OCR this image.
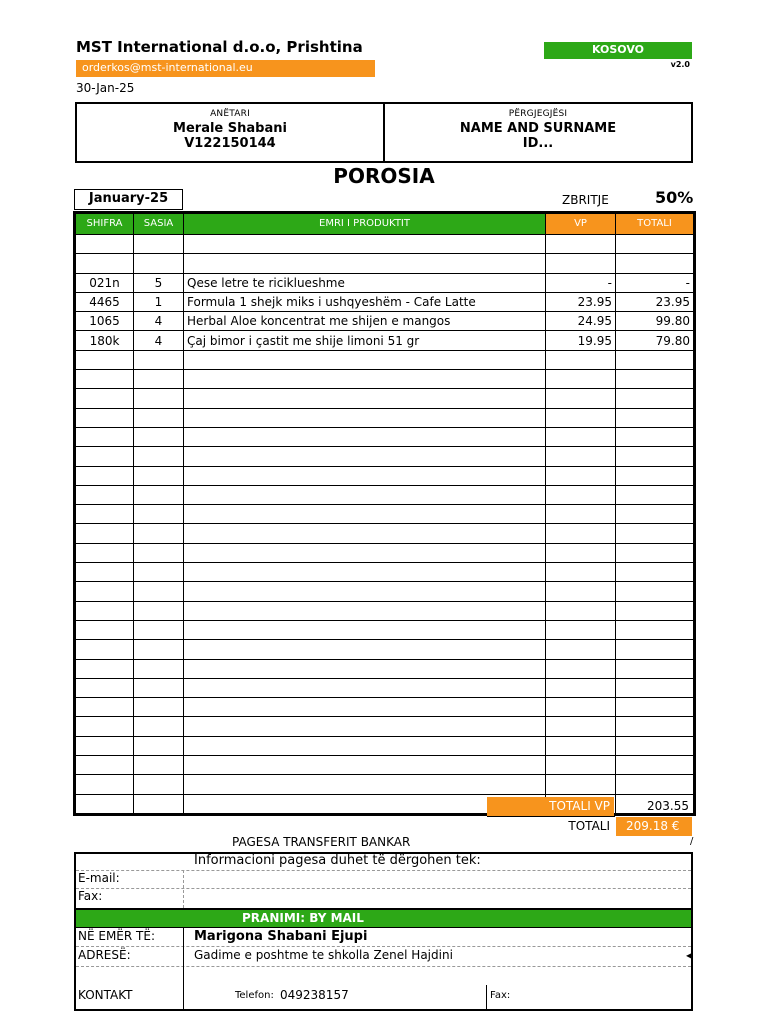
MST International d.o.o, Prishtina	KOSOVO
v2.0
orderkos@mst-international.eu
30-Jan-25
ANËTARI
Merale Shabani
V122150144
PËRGJEGJËSI
NAME AND SURNAME
ID...
POROSIA
January-25	ZBRITJE	50%
SHIFRA	SASIA	EMRI I PRODUKTIT	VP	TOTALI

021n	5	Qese letre te riciklueshme	-	-
4465	1	Formula 1 shejk miks i ushqyeshëm - Cafe Latte	23.95	23.95
1065	4	Herbal Aloe koncentrat me shijen e mangos	24.95	99.80
180k	4	Çaj bimor i çastit me shije limoni 51 gr	19.95	79.80

TOTALI VP	203.55
TOTALI	209.18 €
/
PAGESA TRANSFERIT BANKAR
Informacioni pagesa duhet të dërgohen tek:
E-mail:
Fax:
PRANIMI: BY MAIL
NË EMËR TË:	Marigona Shabani Ejupi
ADRESË:	Gadime e poshtme te shkolla Zenel Hajdini	◀
KONTAKT	Telefon: 049238157	Fax:
